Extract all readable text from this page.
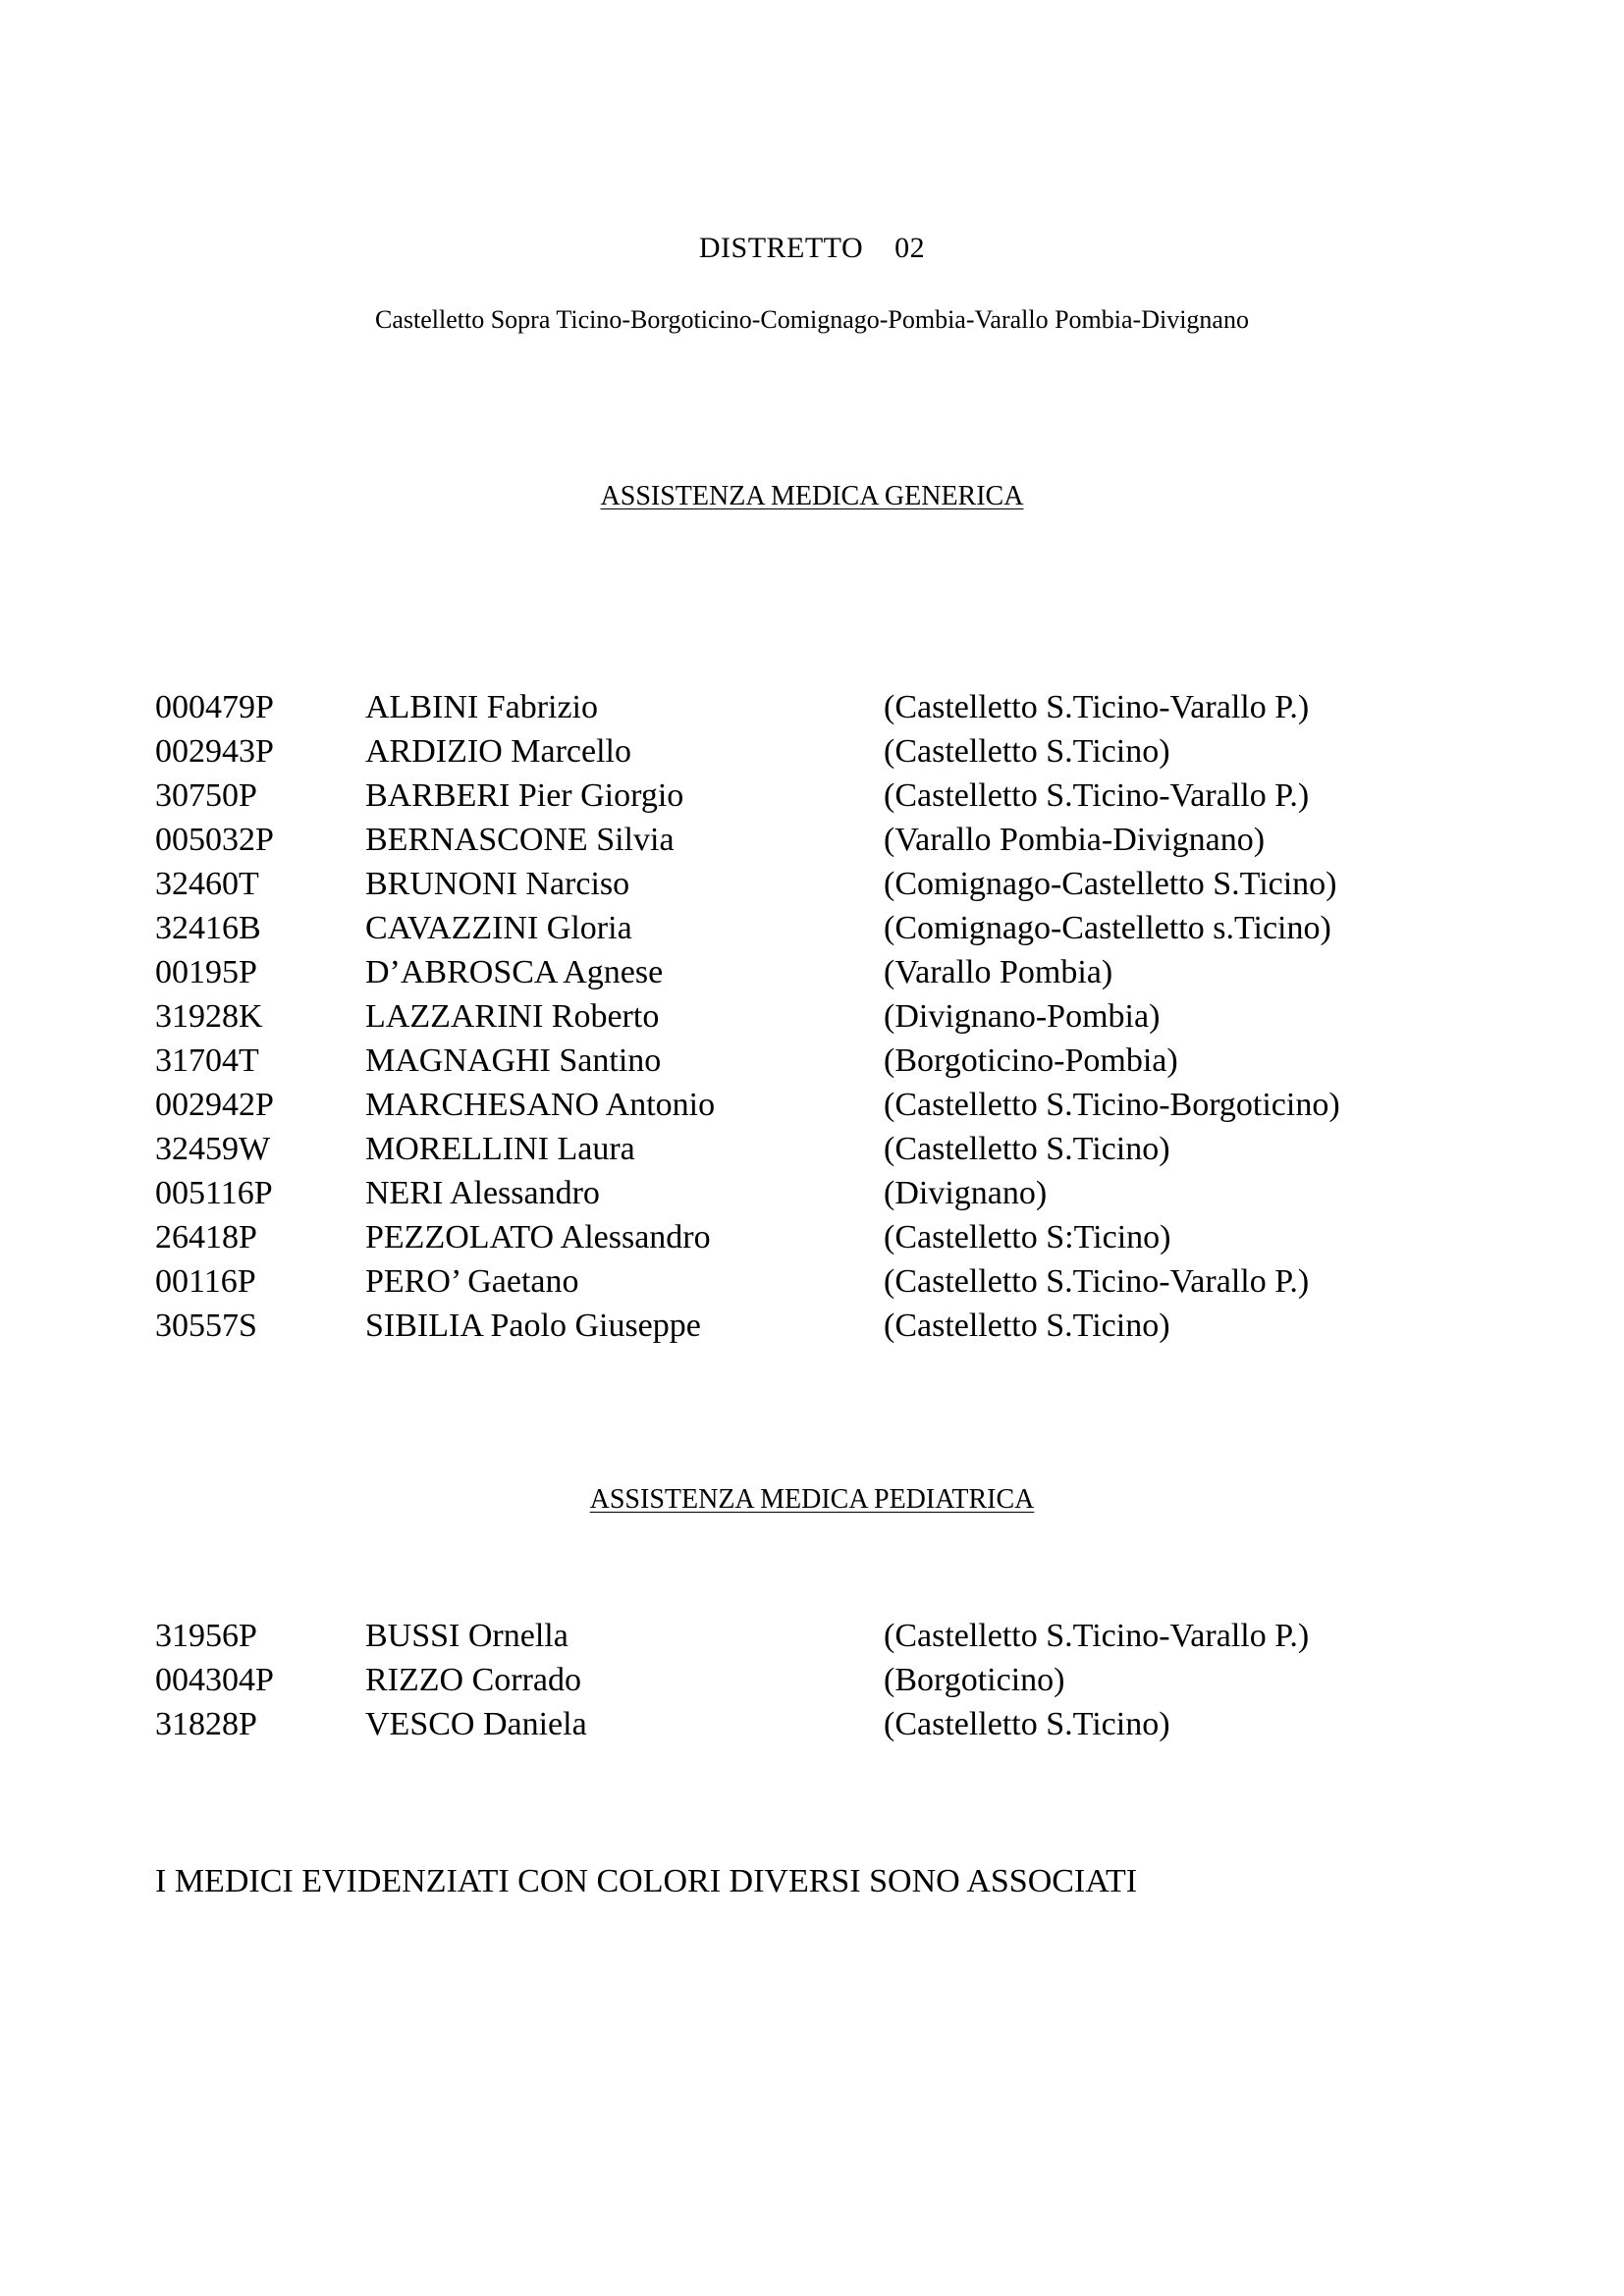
DISTRETTO 02
Castelletto Sopra Ticino-Borgoticino-Comignago-Pombia-Varallo Pombia-Divignano
ASSISTENZA MEDICA GENERICA
000479P	ALBINI Fabrizio	(Castelletto S.Ticino-Varallo P.)
002943P	ARDIZIO Marcello	(Castelletto S.Ticino)
30750P	BARBERI Pier Giorgio	(Castelletto S.Ticino-Varallo P.)
005032P	BERNASCONE Silvia	(Varallo Pombia-Divignano)
32460T	BRUNONI Narciso	(Comignago-Castelletto S.Ticino)
32416B	CAVAZZINI Gloria	(Comignago-Castelletto s.Ticino)
00195P	D’ABROSCA Agnese	(Varallo Pombia)
31928K	LAZZARINI Roberto	(Divignano-Pombia)
31704T	MAGNAGHI Santino	(Borgoticino-Pombia)
002942P	MARCHESANO Antonio	(Castelletto S.Ticino-Borgoticino)
32459W	MORELLINI Laura	(Castelletto S.Ticino)
005116P	NERI Alessandro	(Divignano)
26418P	PEZZOLATO Alessandro	(Castelletto S:Ticino)
00116P	PERO’ Gaetano	(Castelletto S.Ticino-Varallo P.)
30557S	SIBILIA Paolo Giuseppe	(Castelletto S.Ticino)
ASSISTENZA MEDICA PEDIATRICA
31956P	BUSSI Ornella	(Castelletto S.Ticino-Varallo P.)
004304P	RIZZO Corrado	(Borgoticino)
31828P	VESCO Daniela	(Castelletto S.Ticino)
I MEDICI EVIDENZIATI CON COLORI DIVERSI SONO ASSOCIATI
